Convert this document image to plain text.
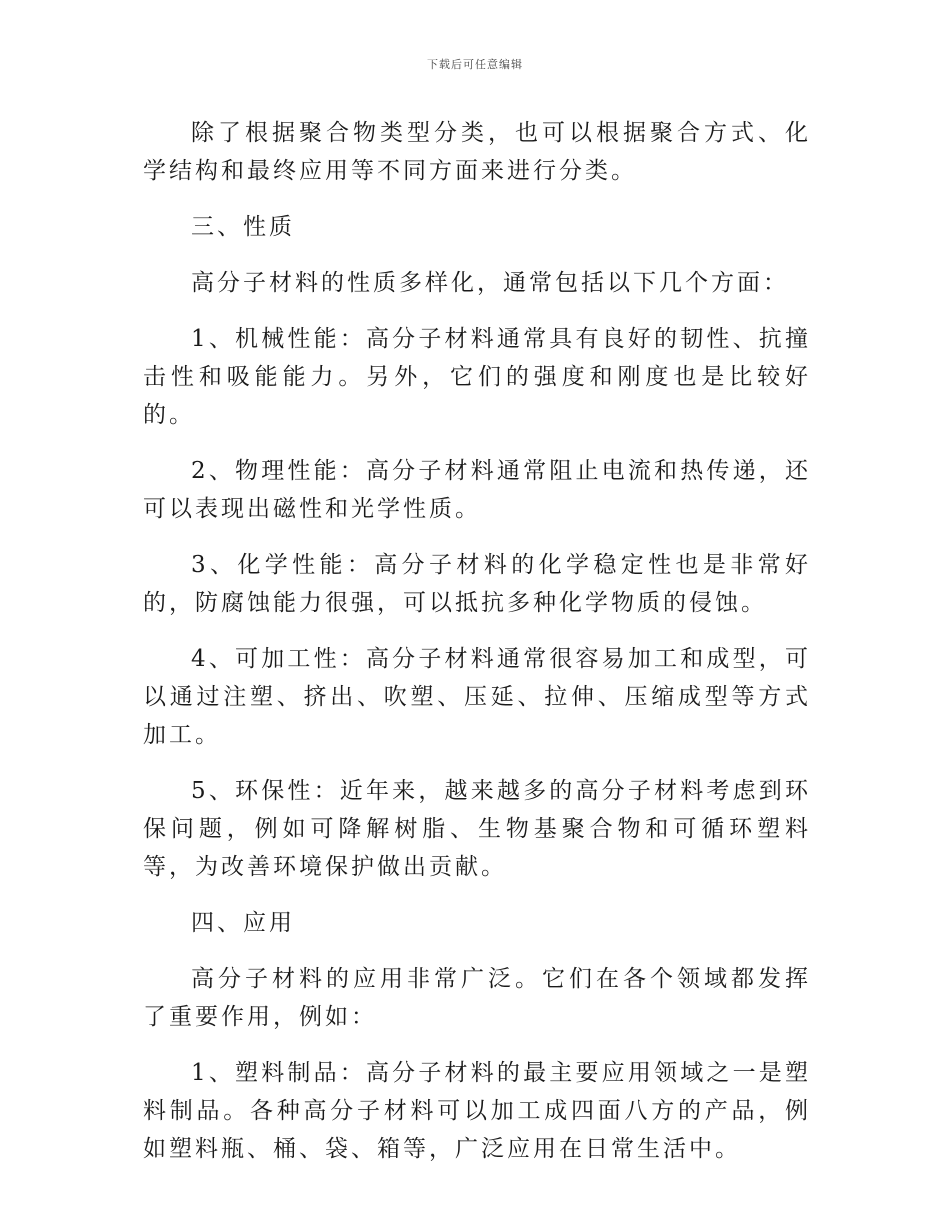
下载后可任意编辑

除了根据聚合物类型分类，也可以根据聚合方式、化学结构和最终应用等不同方面来进行分类。

三、性质

高分子材料的性质多样化，通常包括以下几个方面：

1、机械性能：高分子材料通常具有良好的韧性、抗撞击性和吸能能力。另外，它们的强度和刚度也是比较好的。

2、物理性能：高分子材料通常阻止电流和热传递，还可以表现出磁性和光学性质。

3、化学性能：高分子材料的化学稳定性也是非常好的，防腐蚀能力很强，可以抵抗多种化学物质的侵蚀。

4、可加工性：高分子材料通常很容易加工和成型，可以通过注塑、挤出、吹塑、压延、拉伸、压缩成型等方式加工。

5、环保性：近年来，越来越多的高分子材料考虑到环保问题，例如可降解树脂、生物基聚合物和可循环塑料等，为改善环境保护做出贡献。

四、应用

高分子材料的应用非常广泛。它们在各个领域都发挥了重要作用，例如：

1、塑料制品：高分子材料的最主要应用领域之一是塑料制品。各种高分子材料可以加工成四面八方的产品，例如塑料瓶、桶、袋、箱等，广泛应用在日常生活中。
